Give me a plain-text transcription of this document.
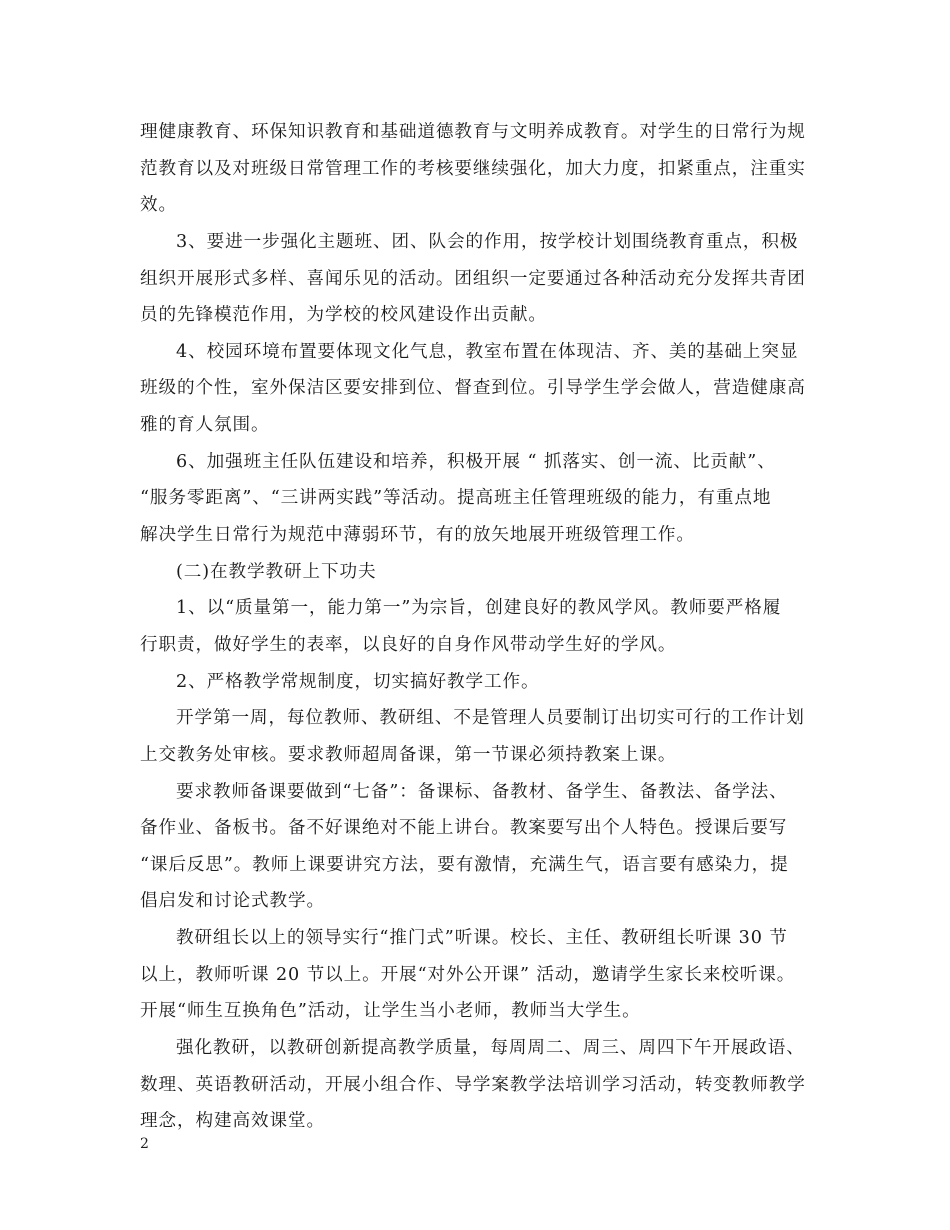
理健康教育、环保知识教育和基础道德教育与文明养成教育。对学生的日常行为规
范教育以及对班级日常管理工作的考核要继续强化，加大力度，扣紧重点，注重实
效。
3、要进一步强化主题班、团、队会的作用，按学校计划围绕教育重点，积极
组织开展形式多样、喜闻乐见的活动。团组织一定要通过各种活动充分发挥共青团
员的先锋模范作用，为学校的校风建设作出贡献。
4、校园环境布置要体现文化气息，教室布置在体现洁、齐、美的基础上突显
班级的个性，室外保洁区要安排到位、督查到位。引导学生学会做人，营造健康高
雅的育人氛围。
6、加强班主任队伍建设和培养，积极开展 “ 抓落实、创一流、比贡献”、
“服务零距离”、“三讲两实践”等活动。提高班主任管理班级的能力，有重点地
解决学生日常行为规范中薄弱环节，有的放矢地展开班级管理工作。
(二)在教学教研上下功夫
1、以“质量第一，能力第一”为宗旨，创建良好的教风学风。教师要严格履
行职责，做好学生的表率，以良好的自身作风带动学生好的学风。
2、严格教学常规制度，切实搞好教学工作。
开学第一周，每位教师、教研组、不是管理人员要制订出切实可行的工作计划
上交教务处审核。要求教师超周备课，第一节课必须持教案上课。
要求教师备课要做到“七备”：备课标、备教材、备学生、备教法、备学法、
备作业、备板书。备不好课绝对不能上讲台。教案要写出个人特色。授课后要写
“课后反思”。教师上课要讲究方法，要有激情，充满生气，语言要有感染力，提
倡启发和讨论式教学。
教研组长以上的领导实行“推门式”听课。校长、主任、教研组长听课 30 节
以上，教师听课 20 节以上。开展“对外公开课” 活动，邀请学生家长来校听课。
开展“师生互换角色”活动，让学生当小老师，教师当大学生。
强化教研，以教研创新提高教学质量，每周周二、周三、周四下午开展政语、
数理、英语教研活动，开展小组合作、导学案教学法培训学习活动，转变教师教学
理念，构建高效课堂。
2
